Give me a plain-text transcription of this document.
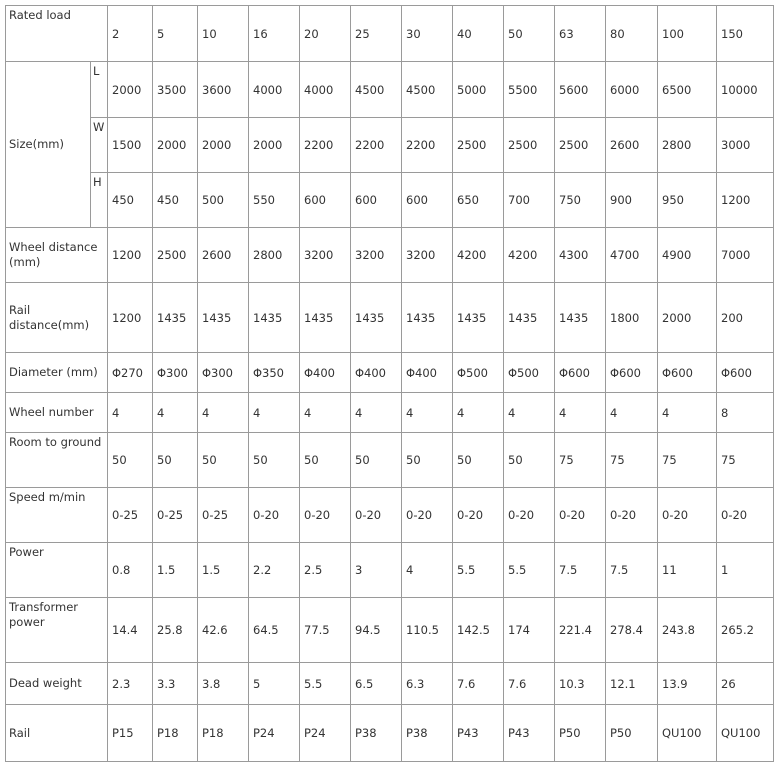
Rated load		2	5	10	16	20	25	30	40	50	63	80	100	150
Size(mm)	L	2000	3500	3600	4000	4000	4500	4500	5000	5500	5600	6000	6500	10000
	W	1500	2000	2000	2000	2200	2200	2200	2500	2500	2500	2600	2800	3000
	H	450	450	500	550	600	600	600	650	700	750	900	950	1200
Wheel distance (mm)		1200	2500	2600	2800	3200	3200	3200	4200	4200	4300	4700	4900	7000
Rail distance(mm)		1200	1435	1435	1435	1435	1435	1435	1435	1435	1435	1800	2000	200
Diameter (mm)		Φ270	Φ300	Φ300	Φ350	Φ400	Φ400	Φ400	Φ500	Φ500	Φ600	Φ600	Φ600	Φ600
Wheel number		4	4	4	4	4	4	4	4	4	4	4	4	8
Room to ground		50	50	50	50	50	50	50	50	50	75	75	75	75
Speed m/min		0-25	0-25	0-25	0-20	0-20	0-20	0-20	0-20	0-20	0-20	0-20	0-20	0-20
Power		0.8	1.5	1.5	2.2	2.5	3	4	5.5	5.5	7.5	7.5	11	1
Transformer power		14.4	25.8	42.6	64.5	77.5	94.5	110.5	142.5	174	221.4	278.4	243.8	265.2
Dead weight		2.3	3.3	3.8	5	5.5	6.5	6.3	7.6	7.6	10.3	12.1	13.9	26
Rail		P15	P18	P18	P24	P24	P38	P38	P43	P43	P50	P50	QU100	QU100
